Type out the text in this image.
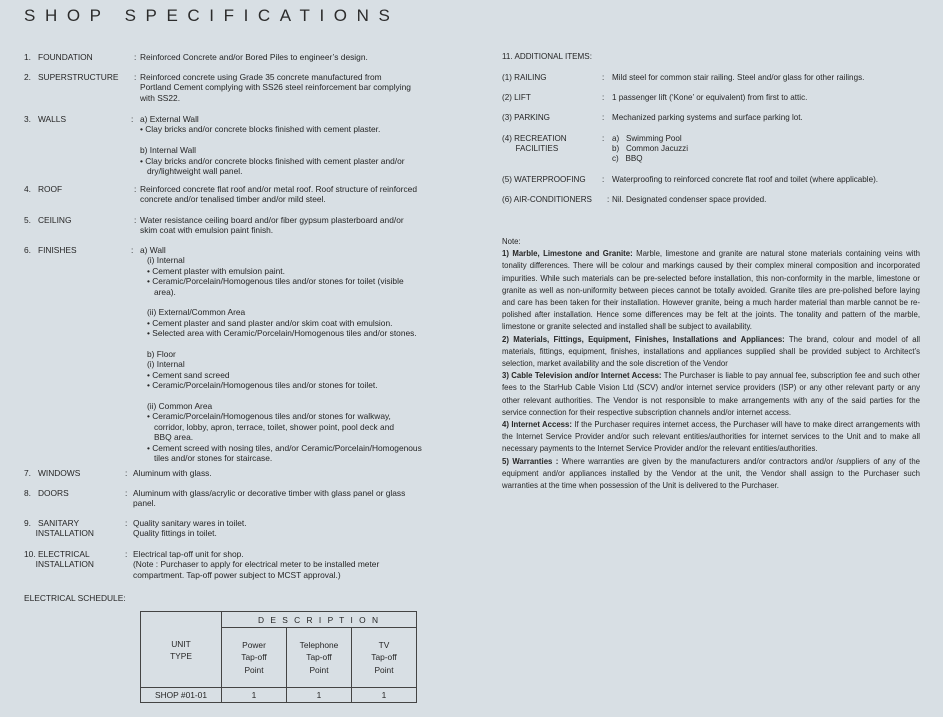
SHOP SPECIFICATIONS
1.   FOUNDATION	: Reinforced Concrete and/or Bored Piles to engineer’s design.
2.   SUPERSTRUCTURE	: Reinforced concrete using Grade 35 concrete manufactured from
Portland Cement complying with SS26 steel reinforcement bar complying
with SS22.
3.   WALLS	: a) External Wall
• Clay bricks and/or concrete blocks finished with cement plaster.
b) Internal Wall
• Clay bricks and/or concrete blocks finished with cement plaster and/or
dry/lightweight wall panel.
4.   ROOF	: Reinforced concrete flat roof and/or metal roof. Roof structure of reinforced
concrete and/or tenalised timber and/or mild steel.
5.   CEILING	: Water resistance ceiling board and/or fiber gypsum plasterboard and/or
skim coat with emulsion paint finish.
6.   FINISHES	: a) Wall
(i) Internal
• Cement plaster with emulsion paint.
• Ceramic/Porcelain/Homogenous tiles and/or stones for toilet (visible
area).
(ii) External/Common Area
• Cement plaster and sand plaster and/or skim coat with emulsion.
• Selected area with Ceramic/Porcelain/Homogenous tiles and/or stones.
b) Floor
(i) Internal
• Cement sand screed
• Ceramic/Porcelain/Homogenous tiles and/or stones for toilet.
(ii) Common Area
• Ceramic/Porcelain/Homogenous tiles and/or stones for walkway,
corridor, lobby, apron, terrace, toilet, shower point, pool deck and
BBQ area.
• Cement screed with nosing tiles, and/or Ceramic/Porcelain/Homogenous
tiles and/or stones for staircase.
7.   WINDOWS	: Aluminum with glass.
8.   DOORS	: Aluminum with glass/acrylic or decorative timber with glass panel or glass
panel.
9.   SANITARY
INSTALLATION
: Quality sanitary wares in toilet.
Quality fittings in toilet.
10. ELECTRICAL
INSTALLATION
: Electrical tap-off unit for shop.
(Note : Purchaser to apply for electrical meter to be installed meter
compartment. Tap-off power subject to MCST approval.)
ELECTRICAL SCHEDULE:
UNIT
TYPE	D E S C R I P T I O N		
	Power
Tap-off
Point	Telephone
Tap-off
Point	TV
Tap-off
Point
SHOP #01-01	1	1	1
11. ADDITIONAL ITEMS:
(1) RAILING	: Mild steel for common stair railing. Steel and/or glass for other railings.
(2) LIFT	: 1 passenger lift (‘Kone’ or equivalent) from first to attic.
(3) PARKING	: Mechanized parking systems and surface parking lot.
(4) RECREATION
FACILITIES
: a)   Swimming Pool
b)   Common Jacuzzi
c)   BBQ
(5) WATERPROOFING : Waterproofing to reinforced concrete flat roof and toilet (where applicable).
(6) AIR-CONDITIONERS : Nil. Designated condenser space provided.

Note:

1) Marble, Limestone and Granite: Marble, limestone and granite are natural stone materials containing veins with tonality differences. There will be colour and markings caused by their complex mineral composition and incorporated impurities. While such materials can be pre-selected before installation, this non-conformity in the marble, limestone or granite as well as non-uniformity between pieces cannot be totally avoided. Granite tiles are pre-polished before laying and care has been taken for their installation. However granite, being a much harder material than marble cannot be re-polished after installation. Hence some differences may be felt at the joints. The tonality and pattern of the marble, limestone or granite selected and installed shall be subject to availability.

2) Materials, Fittings, Equipment, Finishes, Installations and Appliances: The brand, colour and model of all materials, fittings, equipment, finishes, installations and appliances supplied shall be provided subject to Architect’s selection, market availability and the sole discretion of the Vendor

3) Cable Television and/or Internet Access: The Purchaser is liable to pay annual fee, subscription fee and such other fees to the StarHub Cable Vision Ltd (SCV) and/or internet service providers (ISP) or any other relevant party or any other relevant authorities. The Vendor is not responsible to make arrangements with any of the said parties for the service connection for their respective subscription channels and/or internet access.

4) Internet Access: If the Purchaser requires internet access, the Purchaser will have to make direct arrangements with the Internet Service Provider and/or such relevant entities/authorities for internet services to the Unit and to make all necessary payments to the Internet Service Provider and/or the relevant entities/authorities.

5) Warranties : Where warranties are given by the manufacturers and/or contractors and/or /suppliers of any of the equipment and/or appliances installed by the Vendor at the unit, the Vendor shall assign to the Purchaser such warranties at the time when possession of the Unit is delivered to the Purchaser.
